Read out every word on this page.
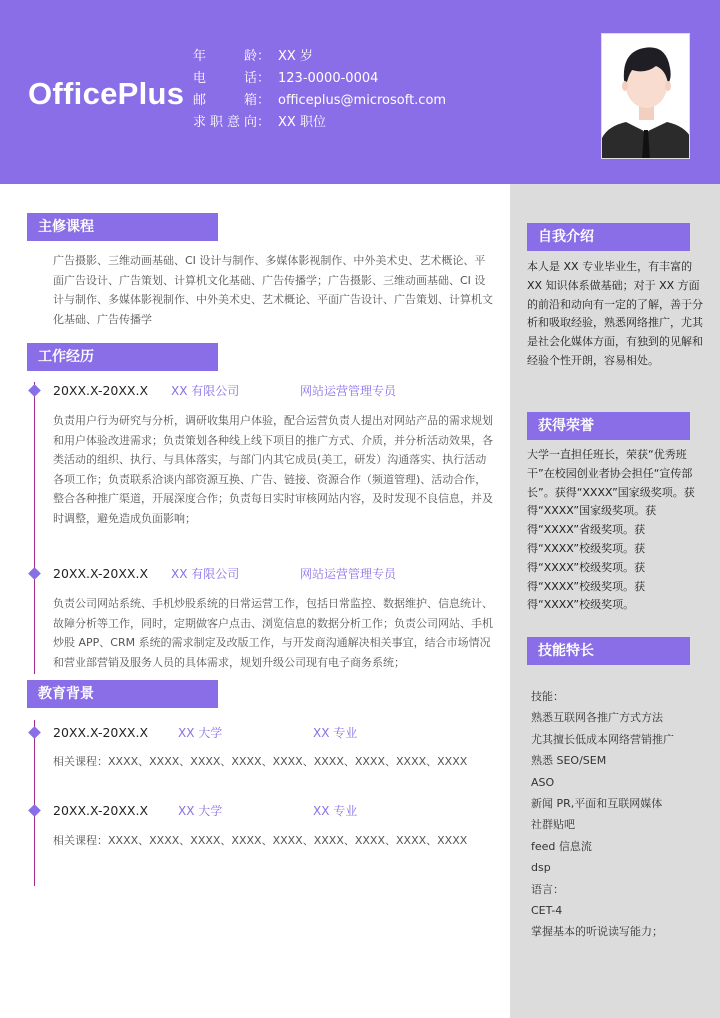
OfficePlus
年龄 ： XX 岁
电话 ： 123-0000-0004
邮箱 ： officeplus@microsoft.com
求职意向 ： XX 职位
主修课程
广告摄影、三维动画基础、CI 设计与制作、多媒体影视制作、中外美术史、艺术概论、平面广告设计、广告策划、计算机文化基础、广告传播学；广告摄影、三维动画基础、CI 设计与制作、多媒体影视制作、中外美术史、艺术概论、平面广告设计、广告策划、计算机文化基础、广告传播学
工作经历
20XX.X-20XX.X XX 有限公司	网站运营管理专员
负责用户行为研究与分析，调研收集用户体验，配合运营负责人提出对网站产品的需求规划和用户体验改进需求；负责策划各种线上线下项目的推广方式、介质，并分析活动效果，各类活动的组织、执行、与具体落实，与部门内其它成员(美工，研发）沟通落实、执行活动各项工作；负责联系洽谈内部资源互换、广告、链接、资源合作（频道管理)、活动合作，整合各种推广渠道，开展深度合作；负责每日实时审核网站内容，及时发现不良信息，并及时调整，避免造成负面影响；
20XX.X-20XX.X XX 有限公司	网站运营管理专员
负责公司网站系统、手机炒股系统的日常运营工作，包括日常监控、数据维护、信息统计、故障分析等工作，同时，定期做客户点击、浏览信息的数据分析工作；负责公司网站、手机炒股 APP、CRM 系统的需求制定及改版工作，与开发商沟通解决相关事宜，结合市场情况和营业部营销及服务人员的具体需求，规划升级公司现有电子商务系统；
教育背景
20XX.X-20XX.X XX 大学	XX 专业
相关课程：XXXX、XXXX、XXXX、XXXX、XXXX、XXXX、XXXX、XXXX、XXXX
20XX.X-20XX.X XX 大学	XX 专业
相关课程：XXXX、XXXX、XXXX、XXXX、XXXX、XXXX、XXXX、XXXX、XXXX
自我介绍
本人是 XX 专业毕业生，有丰富的 XX 知识体系做基础；对于 XX 方面的前沿和动向有一定的了解，善于分析和吸取经验，熟悉网络推广，尤其是社会化媒体方面，有独到的见解和经验个性开朗，容易相处。
获得荣誉
大学一直担任班长，荣获“优秀班干”在校园创业者协会担任“宣传部长”。获得“XXXX”国家级奖项。获得“XXXX”国家级奖项。获得“XXXX”省级奖项。获得“XXXX”校级奖项。获得“XXXX”校级奖项。获得“XXXX”校级奖项。获得“XXXX”校级奖项。
技能特长
技能：
熟悉互联网各推广方式方法
尤其擅长低成本网络营销推广
熟悉 SEO/SEM
ASO
新闻 PR,平面和互联网媒体
社群贴吧
feed 信息流
dsp
语言：
CET-4
掌握基本的听说读写能力；
